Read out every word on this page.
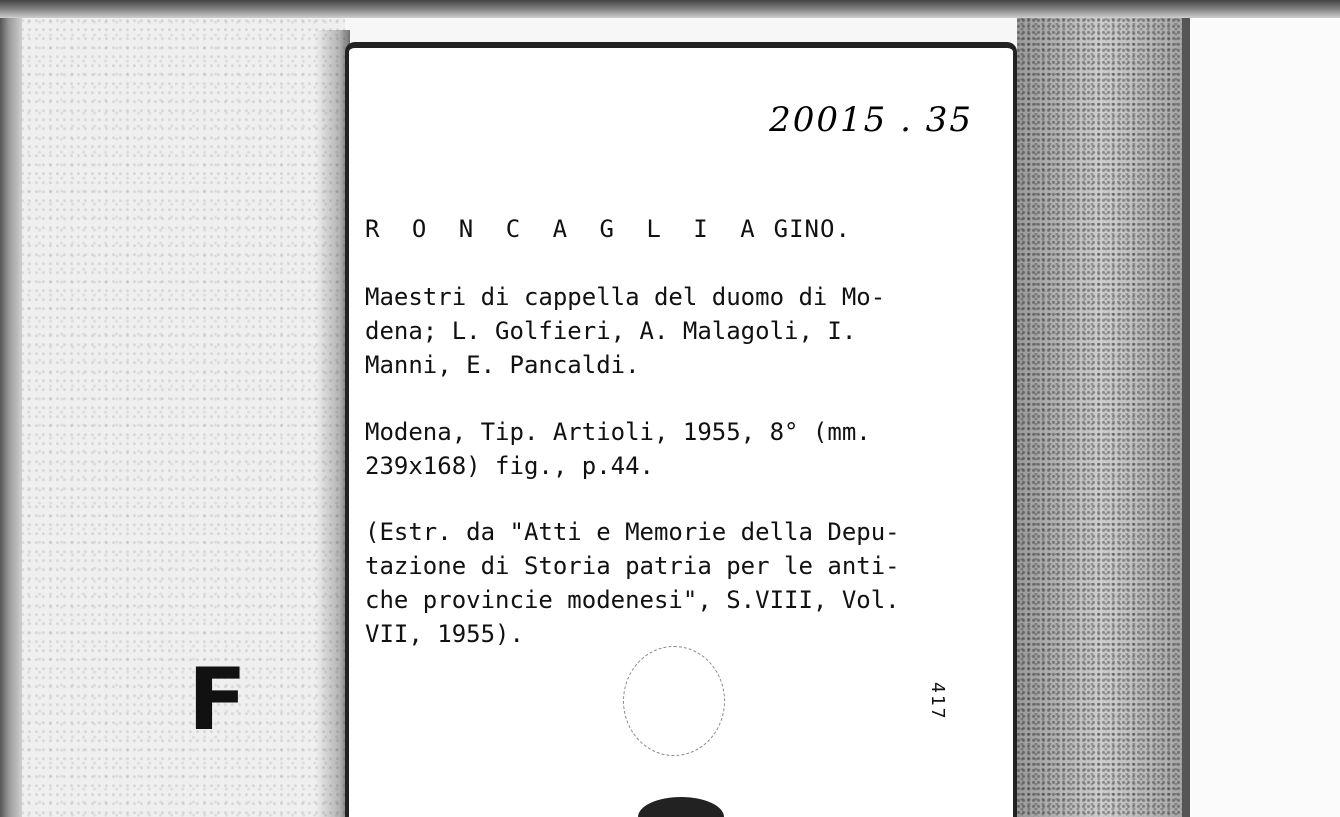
20015 . 35
R O N C A G L I A GINO.
Maestri di cappella del duomo di Mo-
dena; L. Golfieri, A. Malagoli, I.
Manni, E. Pancaldi.
Modena, Tip. Artioli, 1955, 8° (mm.
239x168) fig., p.44.
(Estr. da "Atti e Memorie della Depu-
tazione di Storia patria per le anti-
che provincie modenesi", S.VIII, Vol.
VII, 1955).
417
F
